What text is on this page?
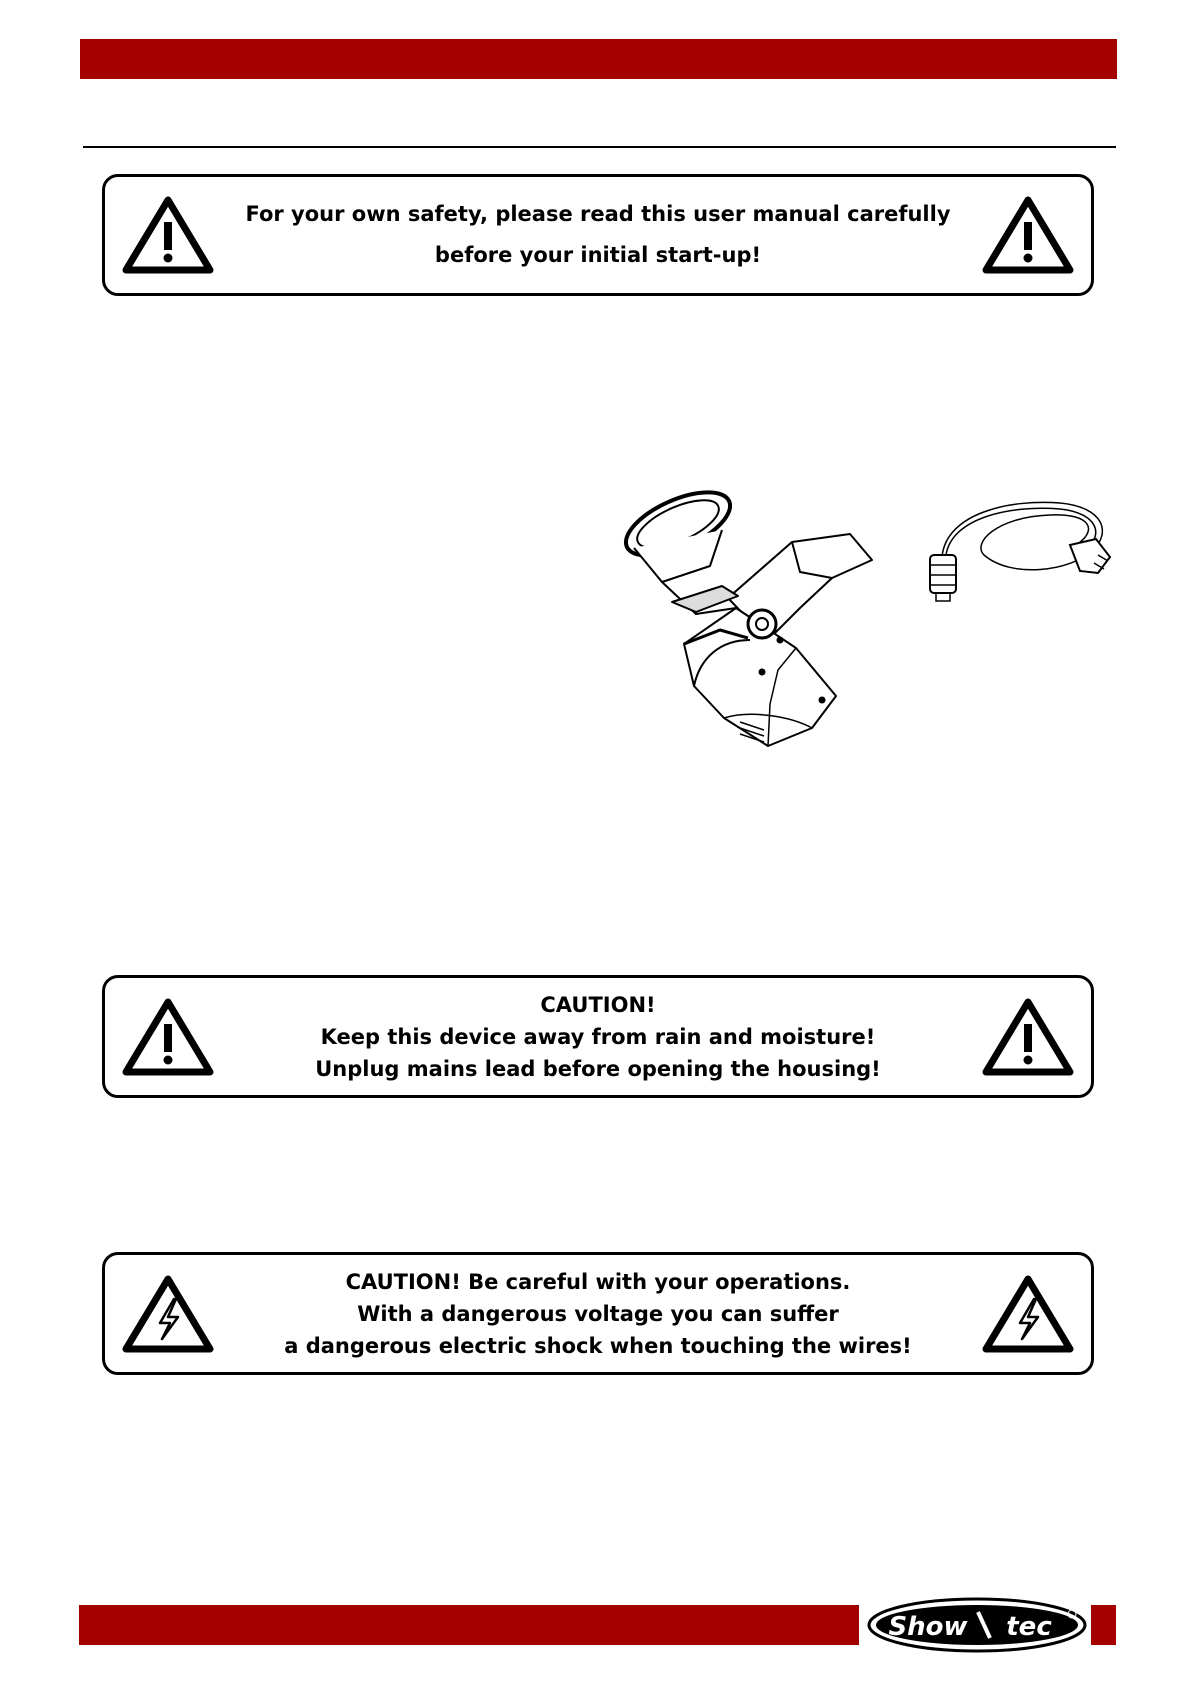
For your own safety, please read this user manual carefully
before your initial start-up!
CAUTION!
Keep this device away from rain and moisture!
Unplug mains lead before opening the housing!
CAUTION! Be careful with your operations.
With a dangerous voltage you can suffer
a dangerous electric shock when touching the wires!
Show tec
